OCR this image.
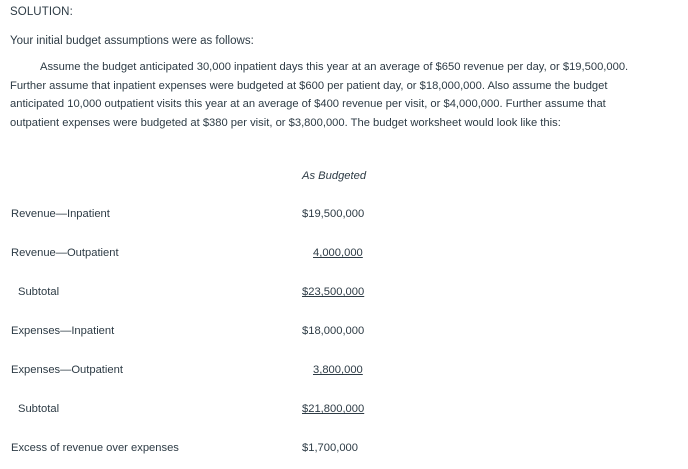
SOLUTION:
Your initial budget assumptions were as follows:

Assume the budget anticipated 30,000 inpatient days this year at an average of $650 revenue per day, or $19,500,000. Further assume that inpatient expenses were budgeted at $600 per patient day, or $18,000,000. Also assume the budget anticipated 10,000 outpatient visits this year at an average of $400 revenue per visit, or $4,000,000. Further assume that outpatient expenses were budgeted at $380 per visit, or $3,800,000. The budget worksheet would look like this:

As Budgeted
Revenue—Inpatient	$19,500,000
Revenue—Outpatient	4,000,000
Subtotal	$23,500,000
Expenses—Inpatient	$18,000,000
Expenses—Outpatient	3,800,000
Subtotal	$21,800,000
Excess of revenue over expenses	$1,700,000
